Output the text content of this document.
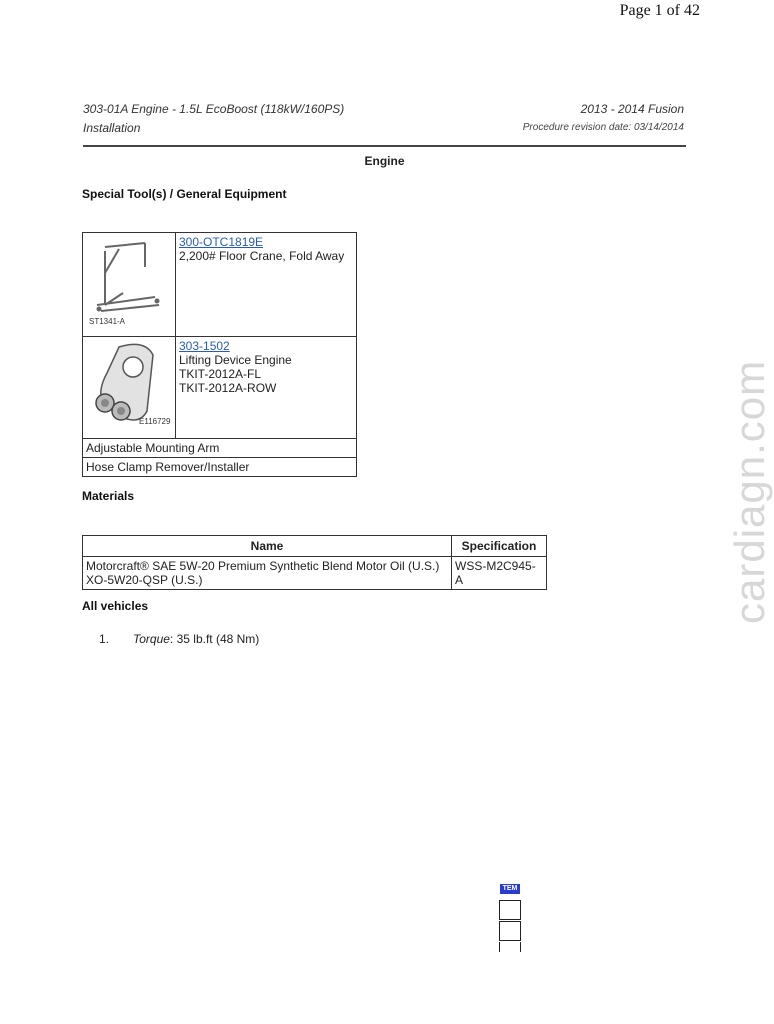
Page 1 of 42
303-01A Engine - 1.5L EcoBoost (118kW/160PS)
Installation
2013 - 2014 Fusion
Procedure revision date: 03/14/2014
Engine
Special Tool(s) / General Equipment
ST1341-A	300-OTC1819E
2,200# Floor Crane, Fold Away

E116729	303-1502
Lifting Device Engine
TKIT-2012A-FL
TKIT-2012A-ROW
Adjustable Mounting Arm	
Hose Clamp Remover/Installer	
Materials
Name	Specification
Motorcraft® SAE 5W-20 Premium Synthetic Blend Motor Oil (U.S.)
XO-5W20-QSP (U.S.)	WSS-M2C945-A
All vehicles
1. Torque: 35 lb.ft (48 Nm)
cardiagn.com
TEM
